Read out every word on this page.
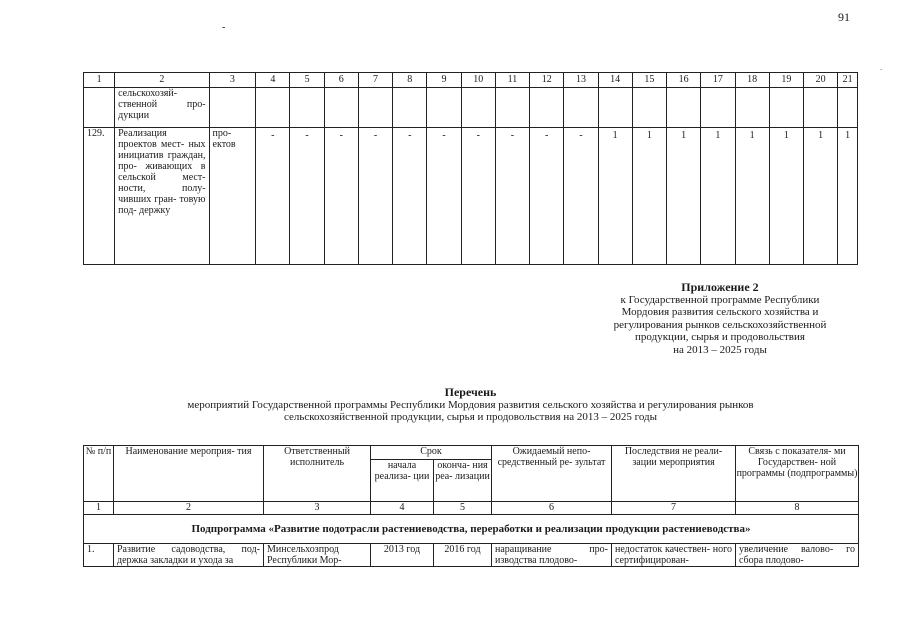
91
-
.
1	2	3	4	5	6	7	8	9	10	11	12	13	14	15	16	17	18	19	20	21
	сельскохозяй- ственной про- дукции																			
129.	Реализация проектов мест- ных инициатив граждан, про- живающих в сельской мест- ности, полу- чивших гран- товую под- держку	про- ектов	-	-	-	-	-	-	-	-	-	-	1	1	1	1	1	1	1	1
Приложение 2
к Государственной программе Республики
Мордовия развития сельского хозяйства и
регулирования рынков сельскохозяйственной
продукции, сырья и продовольствия
на 2013 – 2025 годы
Перечень
мероприятий Государственной программы Республики Мордовия развития сельского хозяйства и регулирования рынков
сельскохозяйственной продукции, сырья и продовольствия на 2013 – 2025 годы
№ п/п	Наименование мероприя- тия	Ответственный исполнитель	Срок		Ожидаемый непо- средственный ре- зультат	Последствия не реали- зации мероприятия	Связь с показателя- ми Государствен- ной программы (подпрограммы)
			начала реализа- ции	оконча- ния реа- лизации			
1	2	3	4	5	6	7	8
Подпрограмма «Развитие подотрасли растениеводства, переработки и реализации продукции растениеводства»							

1.	Развитие садоводства, под- держка закладки и ухода за	Минсельхозпрод Республики Мор-	2013 год	2016 год	наращивание про- изводства плодово-	недостаток качествен- ного сертифицирован-	увеличение валово- го сбора плодово-
